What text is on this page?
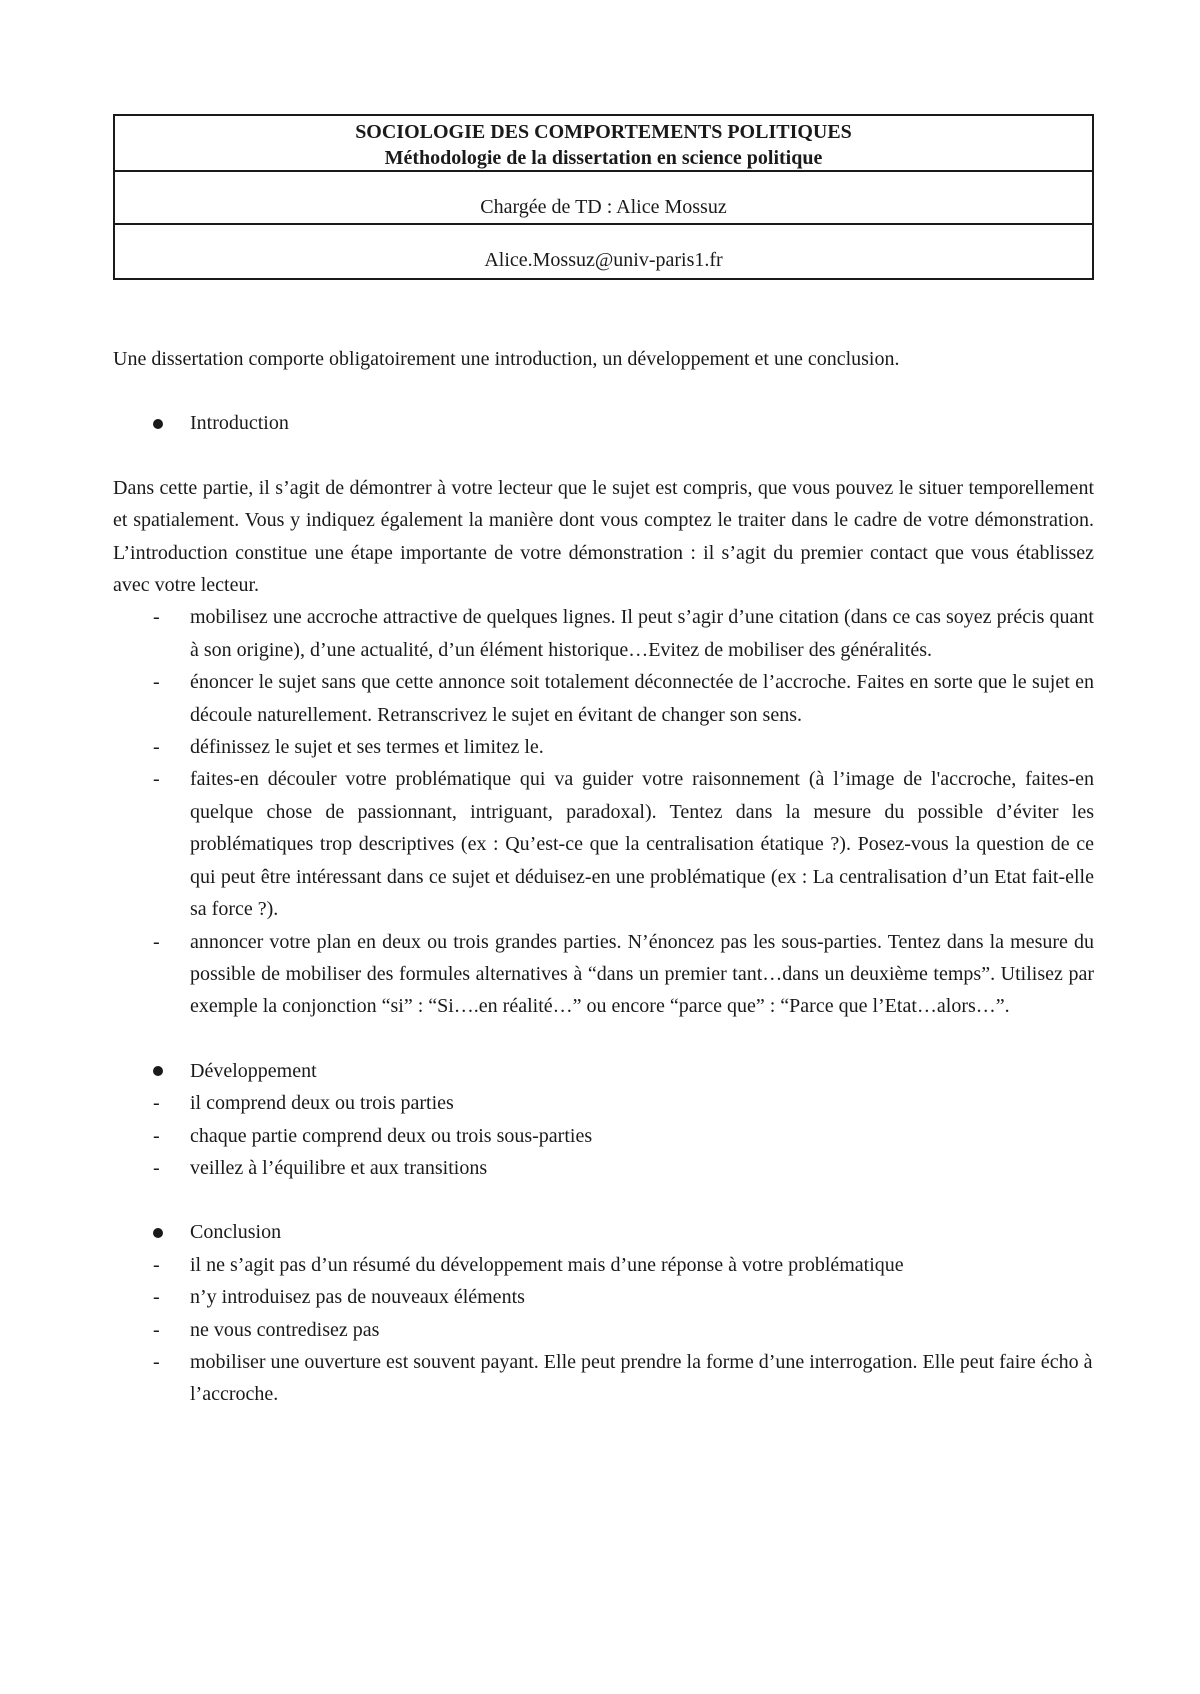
SOCIOLOGIE DES COMPORTEMENTS POLITIQUES
Méthodologie de la dissertation en science politique
Chargée de TD : Alice Mossuz
Alice.Mossuz@univ-paris1.fr

Une dissertation comporte obligatoirement une introduction, un développement et une conclusion.

Introduction

Dans cette partie, il s’agit de démontrer à votre lecteur que le sujet est compris, que vous pouvez le situer temporellement et spatialement. Vous y indiquez également la manière dont vous comptez le traiter dans le cadre de votre démonstration. L’introduction constitue une étape importante de votre démonstration : il s’agit du premier contact que vous établissez avec votre lecteur.

- mobilisez une accroche attractive de quelques lignes. Il peut s’agir d’une citation (dans ce cas soyez précis quant à son origine), d’une actualité, d’un élément historique…Evitez de mobiliser des généralités.
- énoncer le sujet sans que cette annonce soit totalement déconnectée de l’accroche. Faites en sorte que le sujet en découle naturellement. Retranscrivez le sujet en évitant de changer son sens.
- définissez le sujet et ses termes et limitez le.
- faites-en découler votre problématique qui va guider votre raisonnement (à l’image de l'accroche, faites-en quelque chose de passionnant, intriguant, paradoxal). Tentez dans la mesure du possible d’éviter les problématiques trop descriptives (ex : Qu’est-ce que la centralisation étatique ?). Posez-vous la question de ce qui peut être intéressant dans ce sujet et déduisez-en une problématique (ex : La centralisation d’un Etat fait-elle sa force ?).
- annoncer votre plan en deux ou trois grandes parties. N’énoncez pas les sous-parties. Tentez dans la mesure du possible de mobiliser des formules alternatives à “dans un premier tant…dans un deuxième temps”. Utilisez par exemple la conjonction “si” : “Si….en réalité…” ou encore “parce que” : “Parce que l’Etat…alors…”.
Développement
- il comprend deux ou trois parties
- chaque partie comprend deux ou trois sous-parties
- veillez à l’équilibre et aux transitions
Conclusion
- il ne s’agit pas d’un résumé du développement mais d’une réponse à votre problématique
- n’y introduisez pas de nouveaux éléments
- ne vous contredisez pas
- mobiliser une ouverture est souvent payant. Elle peut prendre la forme d’une interrogation. Elle peut faire écho à l’accroche.
